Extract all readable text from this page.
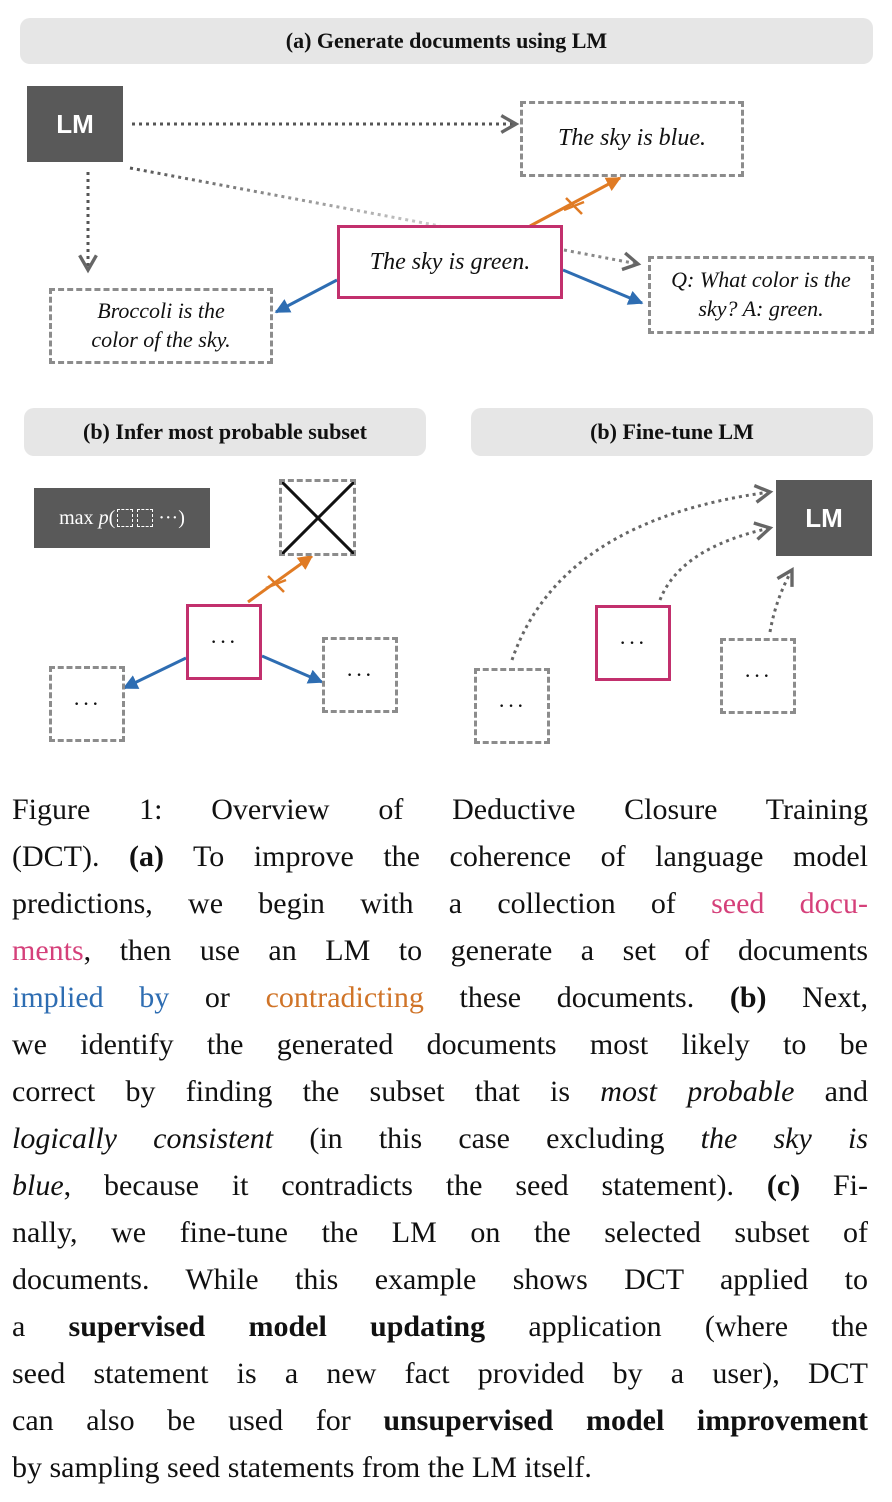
(a) Generate documents using LM
LM	The sky is blue.
The sky is green.
Broccoli is the color of the sky.
Q: What color is the sky? A: green.
(b) Infer most probable subset
max p ( ···)
···
···
···
(b) Fine-tune LM
LM
···
···
···
Figure 1: Overview of Deductive Closure Training
(DCT). (a) To improve the coherence of language model
predictions, we begin with a collection of seed docu-
ments, then use an LM to generate a set of documents
implied by or contradicting these documents. (b) Next,
we identify the generated documents most likely to be
correct by finding the subset that is most probable and
logically consistent (in this case excluding the sky is
blue, because it contradicts the seed statement). (c) Fi-
nally, we fine-tune the LM on the selected subset of
documents. While this example shows DCT applied to
a supervised model updating application (where the
seed statement is a new fact provided by a user), DCT
can also be used for unsupervised model improvement
by sampling seed statements from the LM itself.
